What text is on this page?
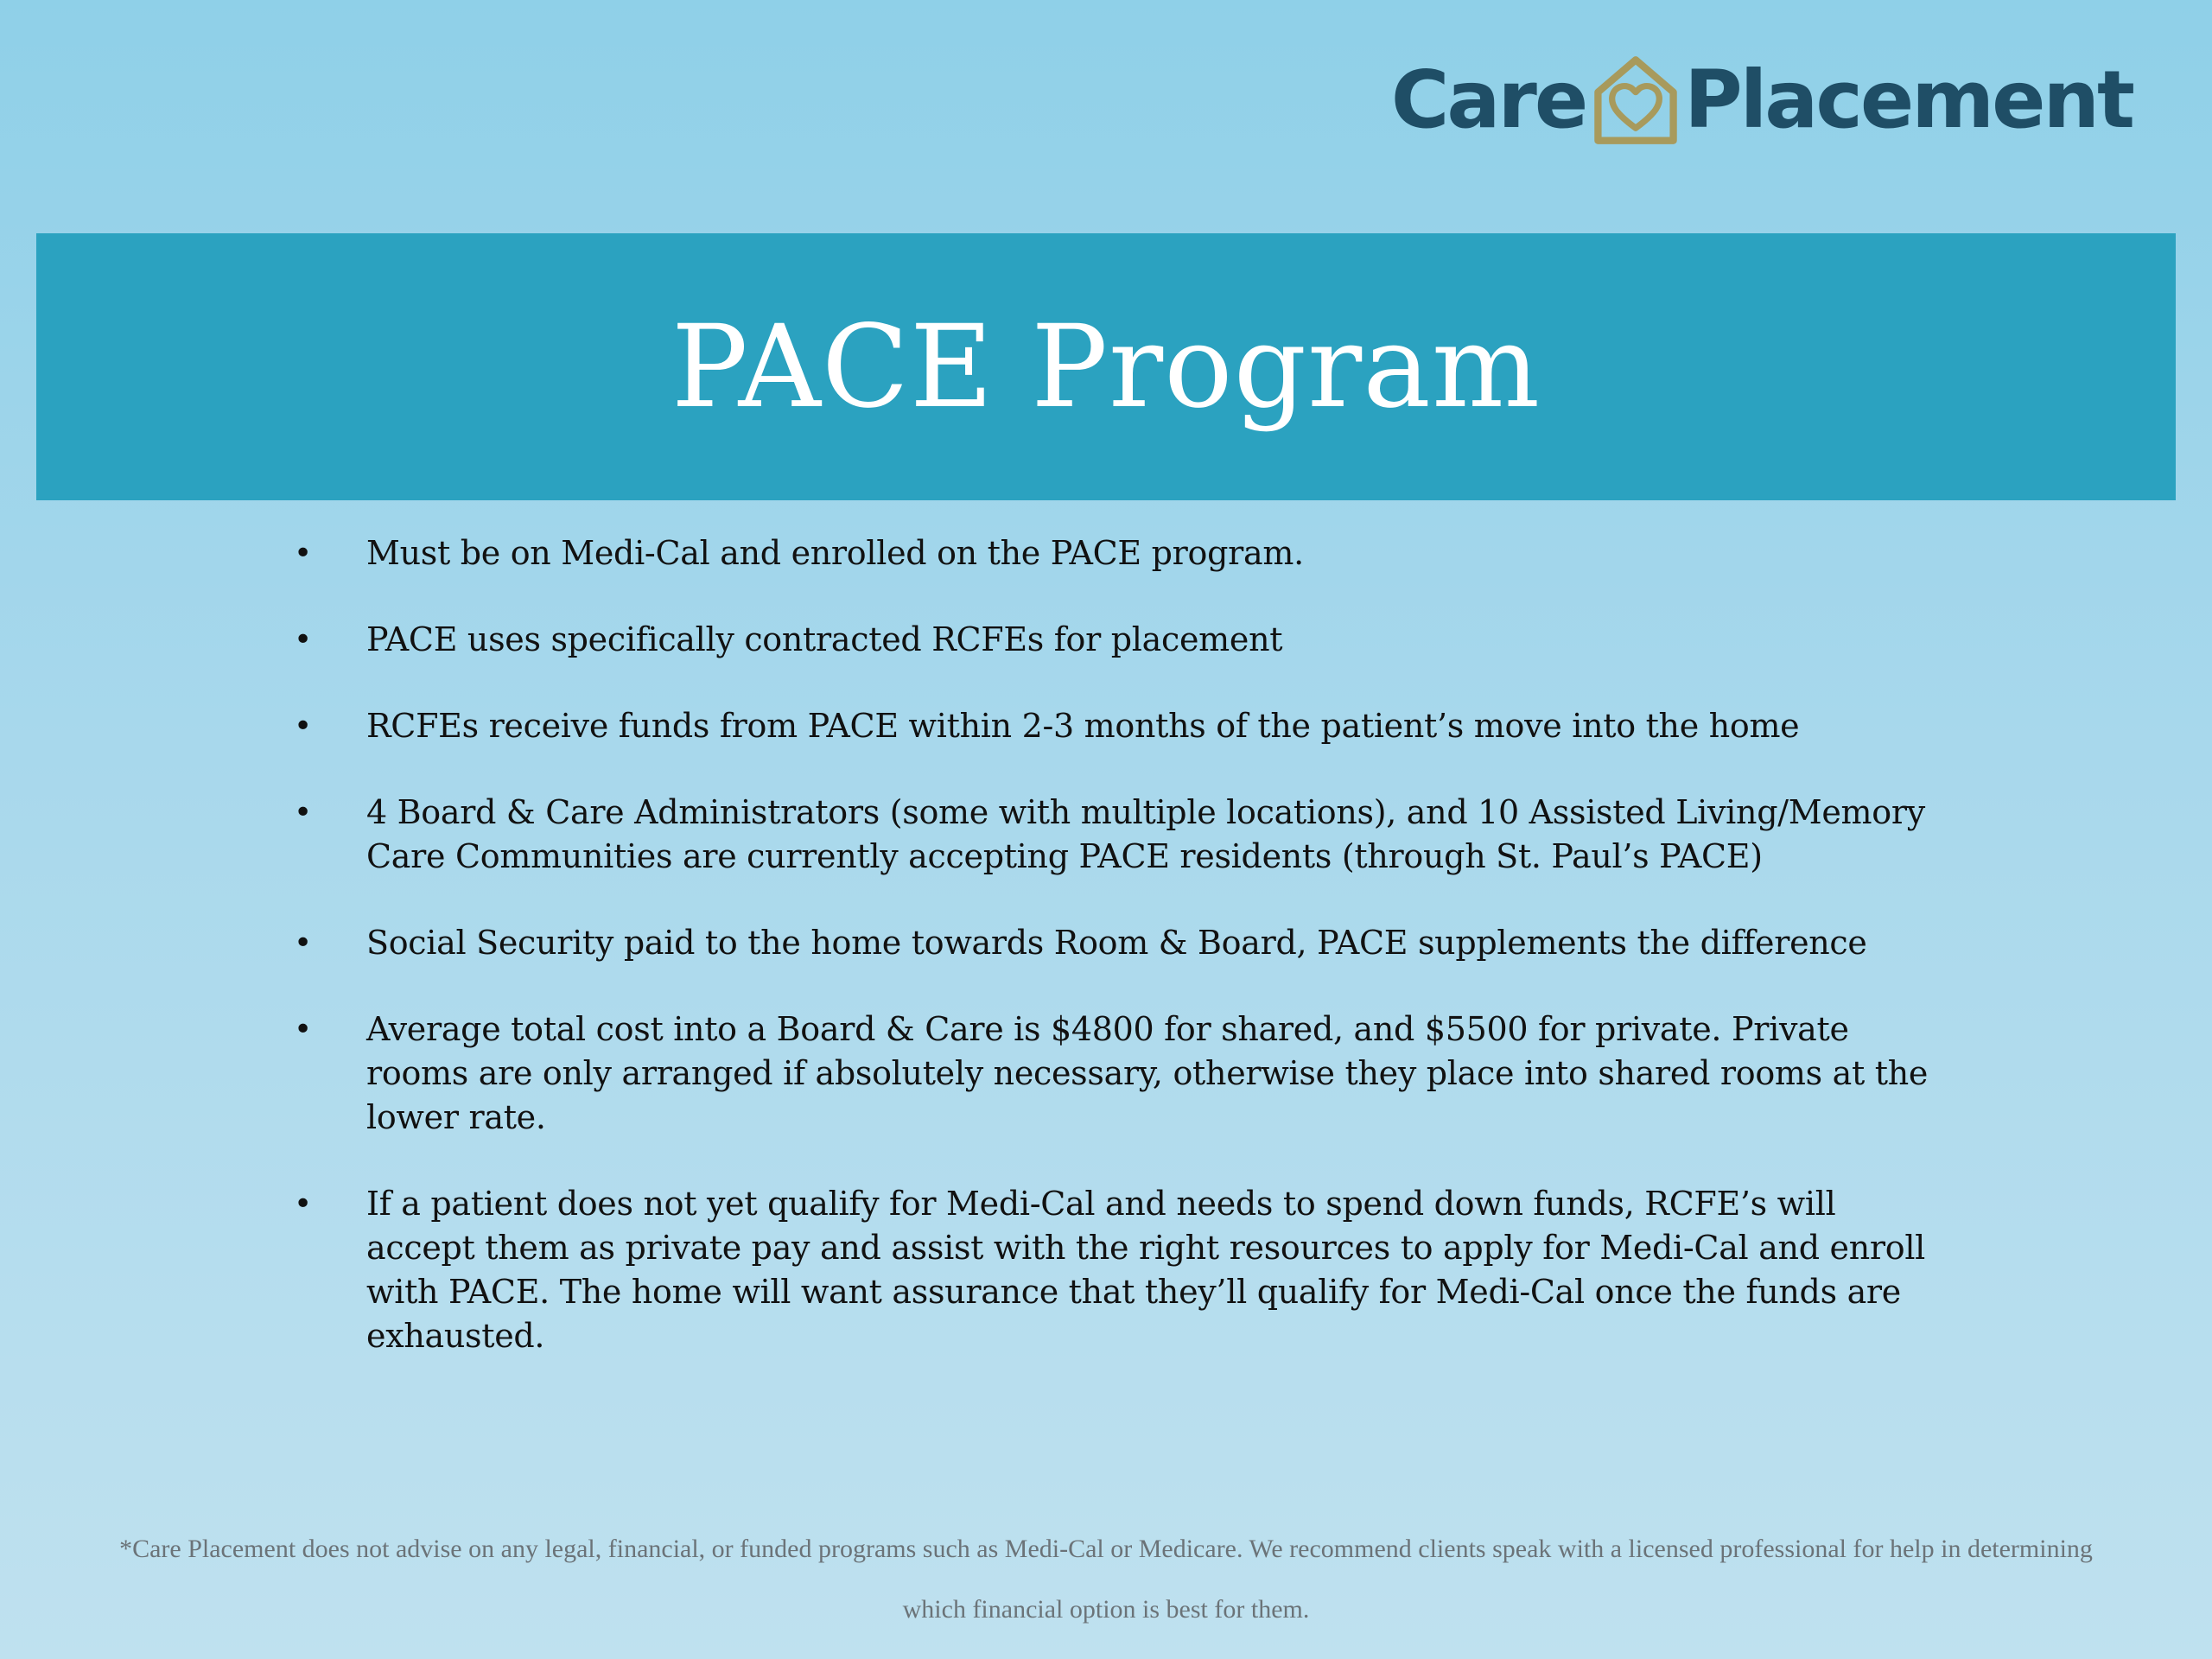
Care Placement
PACE Program
•	Must be on Medi-Cal and enrolled on the PACE program.
•	PACE uses specifically contracted RCFEs for placement
•	RCFEs receive funds from PACE within 2-3 months of the patient’s move into the home
•	4 Board & Care Administrators (some with multiple locations), and 10 Assisted Living/Memory Care Communities are currently accepting PACE residents (through St. Paul’s PACE)
•	Social Security paid to the home towards Room & Board, PACE supplements the difference
•	Average total cost into a Board & Care is $4800 for shared, and $5500 for private. Private rooms are only arranged if absolutely necessary, otherwise they place into shared rooms at the lower rate.
•	If a patient does not yet qualify for Medi-Cal and needs to spend down funds, RCFE’s will accept them as private pay and assist with the right resources to apply for Medi-Cal and enroll with PACE. The home will want assurance that they’ll qualify for Medi-Cal once the funds are exhausted.
*Care Placement does not advise on any legal, financial, or funded programs such as Medi-Cal or Medicare. We recommend clients speak with a licensed professional for help in determining which financial option is best for them.
